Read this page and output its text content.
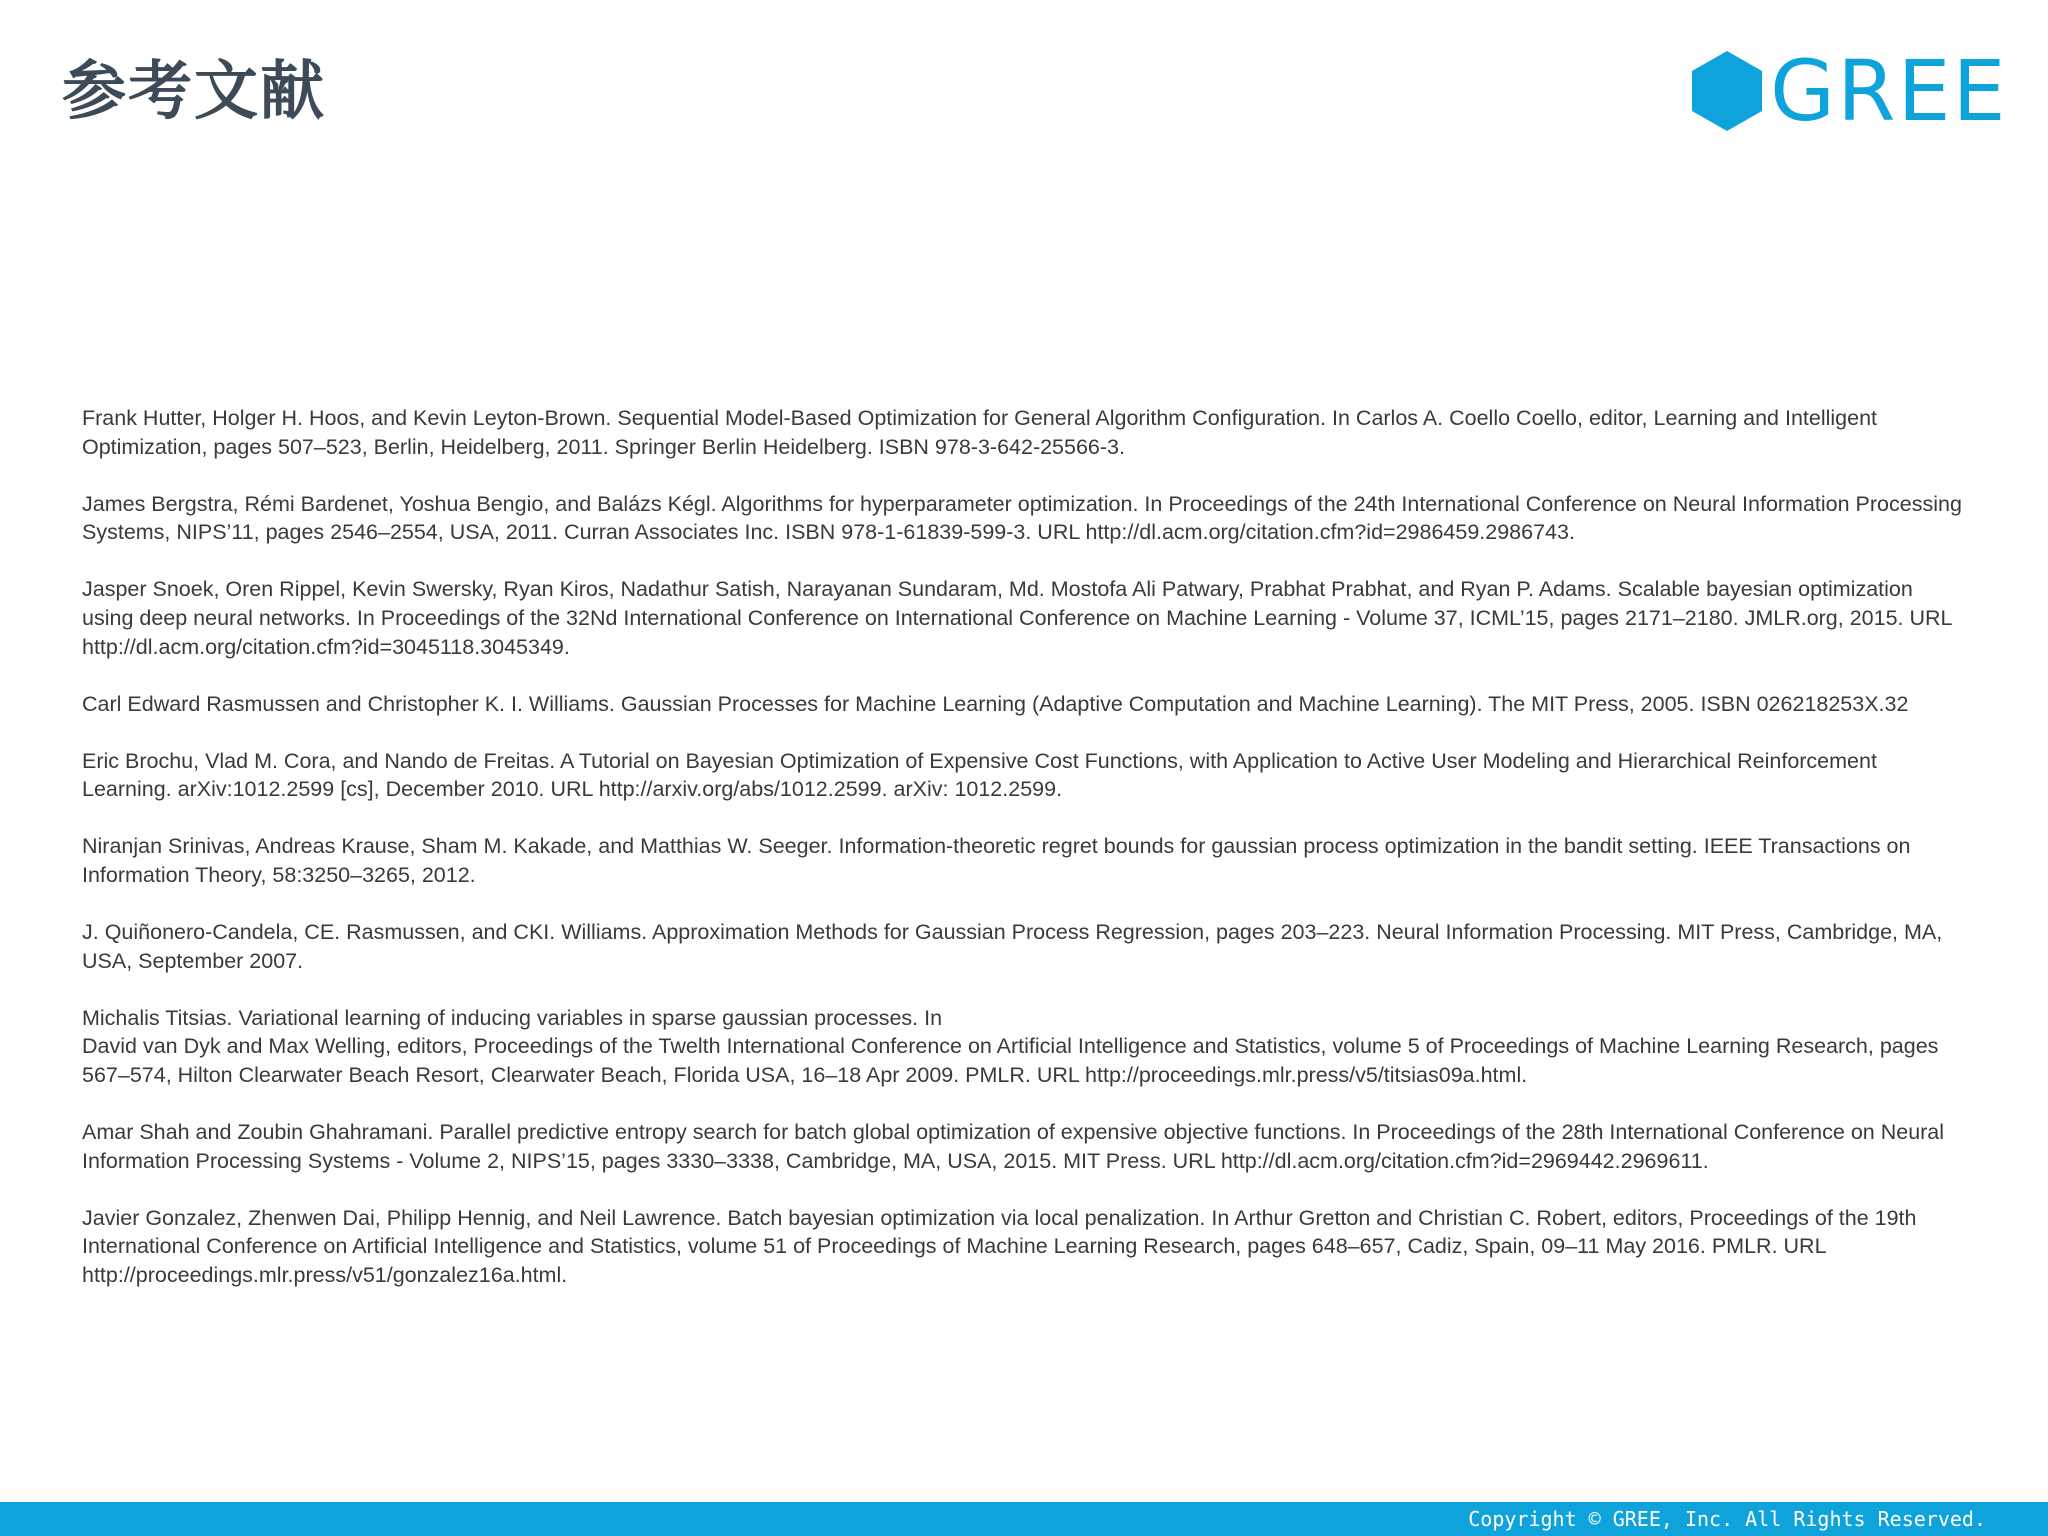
参考文献	GREE
Frank Hutter, Holger H. Hoos, and Kevin Leyton-Brown. Sequential Model-Based Optimization for General Algorithm Configuration. In Carlos A. Coello Coello, editor, Learning and Intelligent Optimization, pages 507–523, Berlin, Heidelberg, 2011. Springer Berlin Heidelberg. ISBN 978-3-642-25566-3.
James Bergstra, Rémi Bardenet, Yoshua Bengio, and Balázs Kégl. Algorithms for hyperparameter optimization. In Proceedings of the 24th International Conference on Neural Information Processing Systems, NIPS’11, pages 2546–2554, USA, 2011. Curran Associates Inc. ISBN 978-1-61839-599-3. URL http://dl.acm.org/citation.cfm?id=2986459.2986743.
Jasper Snoek, Oren Rippel, Kevin Swersky, Ryan Kiros, Nadathur Satish, Narayanan Sundaram, Md. Mostofa Ali Patwary, Prabhat Prabhat, and Ryan P. Adams. Scalable bayesian optimization using deep neural networks. In Proceedings of the 32Nd International Conference on International Conference on Machine Learning - Volume 37, ICML’15, pages 2171–2180. JMLR.org, 2015. URL http://dl.acm.org/citation.cfm?id=3045118.3045349.
Carl Edward Rasmussen and Christopher K. I. Williams. Gaussian Processes for Machine Learning (Adaptive Computation and Machine Learning). The MIT Press, 2005. ISBN 026218253X.32
Eric Brochu, Vlad M. Cora, and Nando de Freitas. A Tutorial on Bayesian Optimization of Expensive Cost Functions, with Application to Active User Modeling and Hierarchical Reinforcement Learning. arXiv:1012.2599 [cs], December 2010. URL http://arxiv.org/abs/1012.2599. arXiv: 1012.2599.
Niranjan Srinivas, Andreas Krause, Sham M. Kakade, and Matthias W. Seeger. Information-theoretic regret bounds for gaussian process optimization in the bandit setting. IEEE Transactions on Information Theory, 58:3250–3265, 2012.
J. Quiñonero-Candela, CE. Rasmussen, and CKI. Williams. Approximation Methods for Gaussian Process Regression, pages 203–223. Neural Information Processing. MIT Press, Cambridge, MA, USA, September 2007.
Michalis Titsias. Variational learning of inducing variables in sparse gaussian processes. In
David van Dyk and Max Welling, editors, Proceedings of the Twelth International Conference on Artificial Intelligence and Statistics, volume 5 of Proceedings of Machine Learning Research, pages 567–574, Hilton Clearwater Beach Resort, Clearwater Beach, Florida USA, 16–18 Apr 2009. PMLR. URL http://proceedings.mlr.press/v5/titsias09a.html.
Amar Shah and Zoubin Ghahramani. Parallel predictive entropy search for batch global optimization of expensive objective functions. In Proceedings of the 28th International Conference on Neural Information Processing Systems - Volume 2, NIPS’15, pages 3330–3338, Cambridge, MA, USA, 2015. MIT Press. URL http://dl.acm.org/citation.cfm?id=2969442.2969611.
Javier Gonzalez, Zhenwen Dai, Philipp Hennig, and Neil Lawrence. Batch bayesian optimization via local penalization. In Arthur Gretton and Christian C. Robert, editors, Proceedings of the 19th International Conference on Artificial Intelligence and Statistics, volume 51 of Proceedings of Machine Learning Research, pages 648–657, Cadiz, Spain, 09–11 May 2016. PMLR. URL http://proceedings.mlr.press/v51/gonzalez16a.html.
Copyright © GREE, Inc. All Rights Reserved.
